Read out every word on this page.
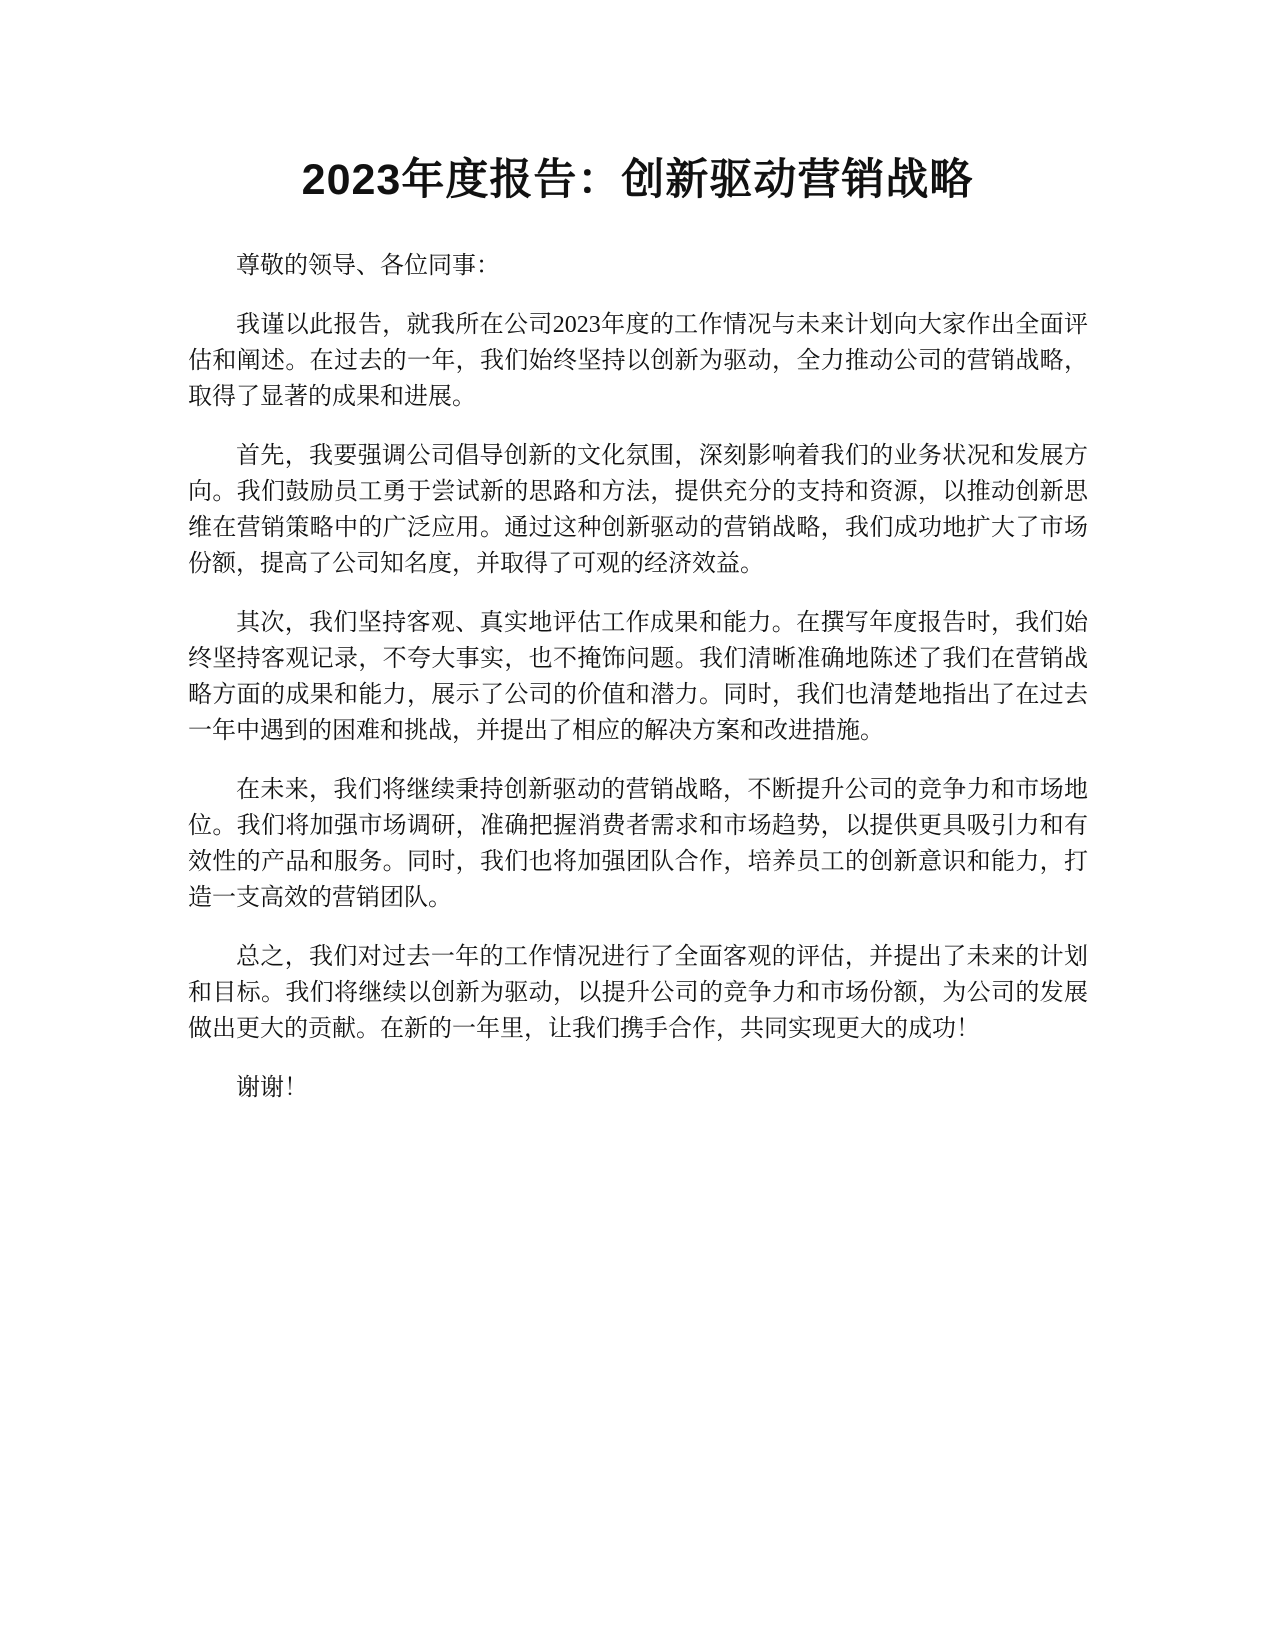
2023年度报告：创新驱动营销战略

尊敬的领导、各位同事：

我谨以此报告，就我所在公司2023年度的工作情况与未来计划向大家作出全面评估和阐述。在过去的一年，我们始终坚持以创新为驱动，全力推动公司的营销战略，取得了显著的成果和进展。

首先，我要强调公司倡导创新的文化氛围，深刻影响着我们的业务状况和发展方向。我们鼓励员工勇于尝试新的思路和方法，提供充分的支持和资源，以推动创新思维在营销策略中的广泛应用。通过这种创新驱动的营销战略，我们成功地扩大了市场份额，提高了公司知名度，并取得了可观的经济效益。

其次，我们坚持客观、真实地评估工作成果和能力。在撰写年度报告时，我们始终坚持客观记录，不夸大事实，也不掩饰问题。我们清晰准确地陈述了我们在营销战略方面的成果和能力，展示了公司的价值和潜力。同时，我们也清楚地指出了在过去一年中遇到的困难和挑战，并提出了相应的解决方案和改进措施。

在未来，我们将继续秉持创新驱动的营销战略，不断提升公司的竞争力和市场地位。我们将加强市场调研，准确把握消费者需求和市场趋势，以提供更具吸引力和有效性的产品和服务。同时，我们也将加强团队合作，培养员工的创新意识和能力，打造一支高效的营销团队。

总之，我们对过去一年的工作情况进行了全面客观的评估，并提出了未来的计划和目标。我们将继续以创新为驱动，以提升公司的竞争力和市场份额，为公司的发展做出更大的贡献。在新的一年里，让我们携手合作，共同实现更大的成功！

谢谢！
